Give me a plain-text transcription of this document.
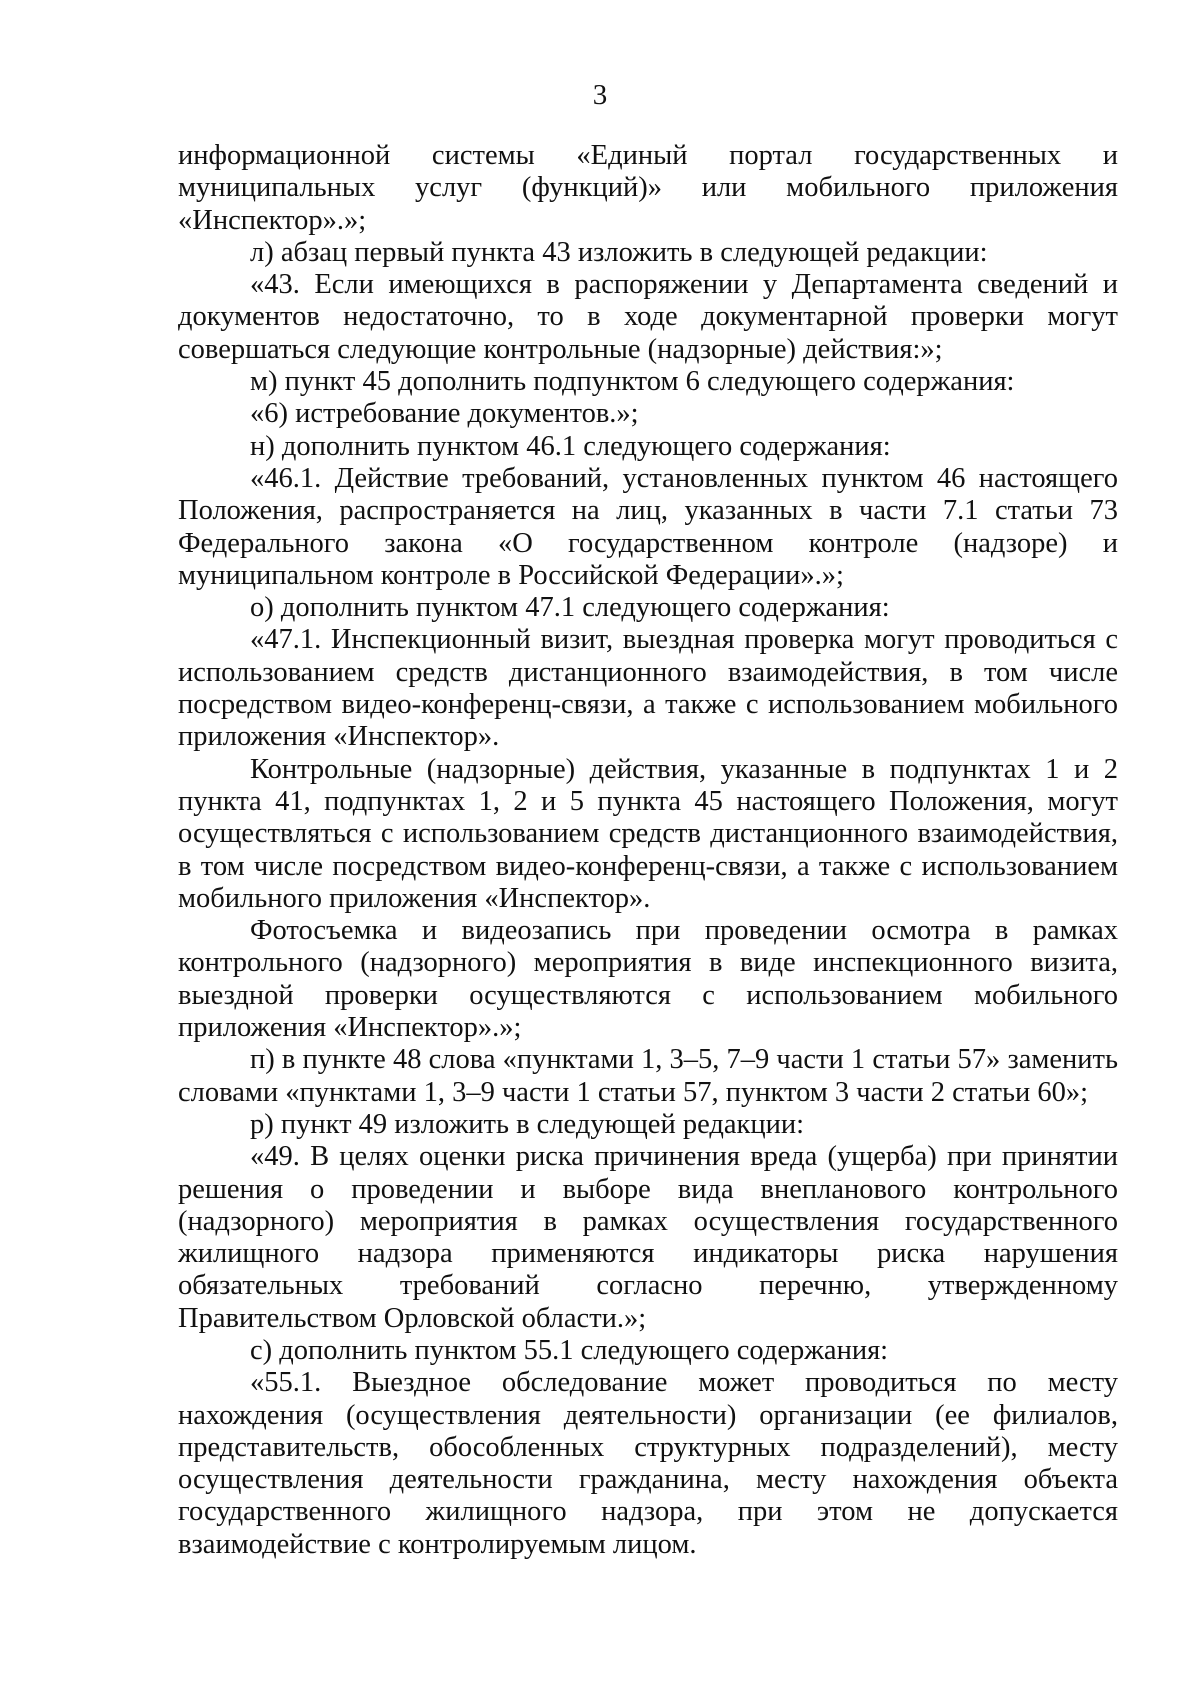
3

информационной системы «Единый портал государственных и муниципальных услуг (функций)» или мобильного приложения «Инспектор».»;

л) абзац первый пункта 43 изложить в следующей редакции:

«43. Если имеющихся в распоряжении у Департамента сведений и документов недостаточно, то в ходе документарной проверки могут совершаться следующие контрольные (надзорные) действия:»;

м) пункт 45 дополнить подпунктом 6 следующего содержания:

«6) истребование документов.»;

н) дополнить пунктом 46.1 следующего содержания:

«46.1. Действие требований, установленных пунктом 46 настоящего Положения, распространяется на лиц, указанных в части 7.1 статьи 73 Федерального закона «О государственном контроле (надзоре) и муниципальном контроле в Российской Федерации».»;

о) дополнить пунктом 47.1 следующего содержания:

«47.1. Инспекционный визит, выездная проверка могут проводиться с использованием средств дистанционного взаимодействия, в том числе посредством видео-конференц-связи, а также с использованием мобильного приложения «Инспектор».

Контрольные (надзорные) действия, указанные в подпунктах 1 и 2 пункта 41, подпунктах 1, 2 и 5 пункта 45 настоящего Положения, могут осуществляться с использованием средств дистанционного взаимодействия, в том числе посредством видео-конференц-связи, а также с использованием мобильного приложения «Инспектор».

Фотосъемка и видеозапись при проведении осмотра в рамках контрольного (надзорного) мероприятия в виде инспекционного визита, выездной проверки осуществляются с использованием мобильного приложения «Инспектор».»;

п) в пункте 48 слова «пунктами 1, 3–5, 7–9 части 1 статьи 57» заменить словами «пунктами 1, 3–9 части 1 статьи 57, пунктом 3 части 2 статьи 60»;

р) пункт 49 изложить в следующей редакции:

«49. В целях оценки риска причинения вреда (ущерба) при принятии решения о проведении и выборе вида внепланового контрольного (надзорного) мероприятия в рамках осуществления государственного жилищного надзора применяются индикаторы риска нарушения обязательных требований согласно перечню, утвержденному Правительством Орловской области.»;

с) дополнить пунктом 55.1 следующего содержания:

«55.1. Выездное обследование может проводиться по месту нахождения (осуществления деятельности) организации (ее филиалов, представительств, обособленных структурных подразделений), месту осуществления деятельности гражданина, месту нахождения объекта государственного жилищного надзора, при этом не допускается взаимодействие с контролируемым лицом.
